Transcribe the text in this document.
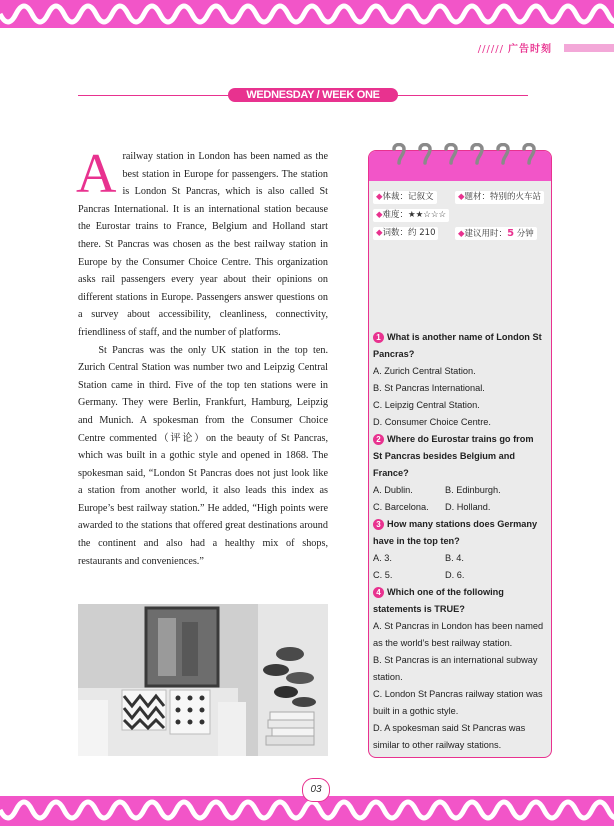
////// 广告时刻
WEDNESDAY / WEEK ONE

Arailway station in London has been named as the best station in Europe for passengers. The station is London St Pancras, which is also called St Pancras International. It is an international station because the Eurostar trains to France, Belgium and Holland start there. St Pancras was chosen as the best railway station in Europe by the Consumer Choice Centre. This organization asks rail passengers every year about their opinions on different stations in Europe. Passengers answer questions on a survey about accessibility, cleanliness, connectivity, friendliness of staff, and the number of platforms.

St Pancras was the only UK station in the top ten. Zurich Central Station was number two and Leipzig Central Station came in third. Five of the top ten stations were in Germany. They were Berlin, Frankfurt, Hamburg, Leipzig and Munich. A spokesman from the Consumer Choice Centre commented（评论）on the beauty of St Pancras, which was built in a gothic style and opened in 1868. The spokesman said, “London St Pancras does not just look like a station from another world, it also leads this index as Europe’s best railway station.” He added, “High points were awarded to the stations that offered great destinations around the continent and also had a healthy mix of shops, restaurants and conveniences.”

◆体裁：记叙文	◆题材：特别的火车站
◆难度：★★☆☆☆
◆词数：约 210	◆建议用时：5 分钟
1 What is another name of London St Pancras?
A. Zurich Central Station.
B. St Pancras International.
C. Leipzig Central Station.
D. Consumer Choice Centre.
2 Where do Eurostar trains go from St Pancras besides Belgium and France?
A. Dublin.	B. Edinburgh.
C. Barcelona.	D. Holland.
3 How many stations does Germany have in the top ten?
A. 3.	B. 4.
C. 5.	D. 6.
4 Which one of the following statements is TRUE?
A. St Pancras in London has been named as the world’s best railway station.
B. St Pancras is an international subway station.
C. London St Pancras railway station was built in a gothic style.
D. A spokesman said St Pancras was similar to other railway stations.
03
